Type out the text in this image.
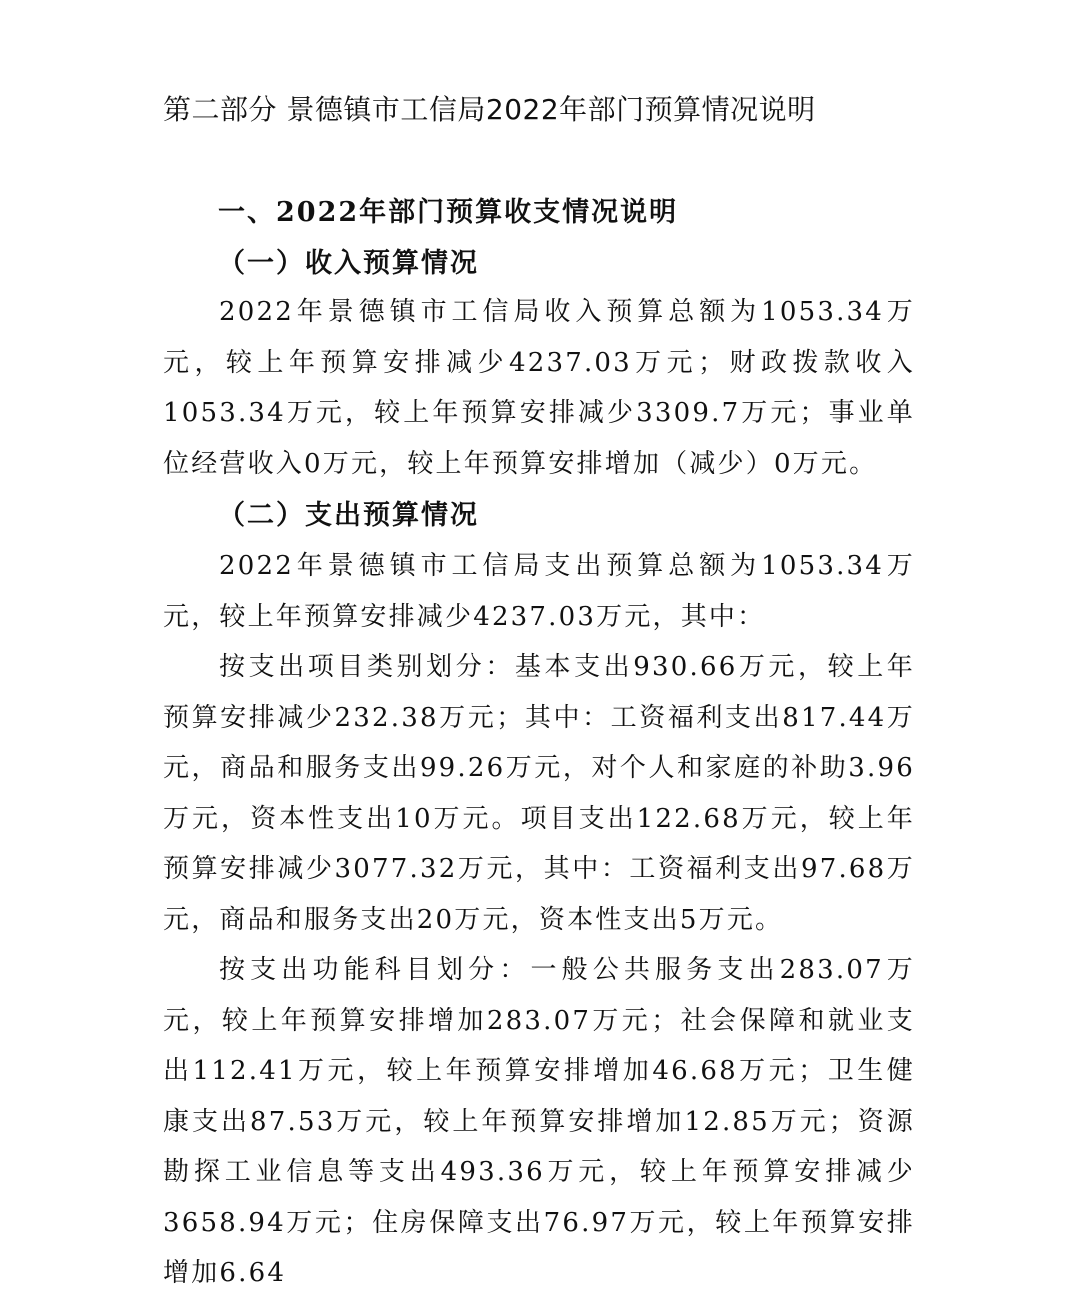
第二部分 景德镇市工信局2022年部门预算情况说明
一、2022年部门预算收支情况说明
（一）收入预算情况

2022年景德镇市工信局收入预算总额为1053.34万元，较上年预算安排减少4237.03万元；财政拨款收入1053.34万元，较上年预算安排减少3309.7万元；事业单位经营收入0万元，较上年预算安排增加（减少）0万元。

（二）支出预算情况

2022年景德镇市工信局支出预算总额为1053.34万元，较上年预算安排减少4237.03万元，其中：

按支出项目类别划分：基本支出930.66万元，较上年预算安排减少232.38万元；其中：工资福利支出817.44万元，商品和服务支出99.26万元，对个人和家庭的补助3.96万元，资本性支出10万元。项目支出122.68万元，较上年预算安排减少3077.32万元，其中：工资福利支出97.68万元，商品和服务支出20万元，资本性支出5万元。

按支出功能科目划分：一般公共服务支出283.07万元，较上年预算安排增加283.07万元；社会保障和就业支出112.41万元，较上年预算安排增加46.68万元；卫生健康支出87.53万元，较上年预算安排增加12.85万元；资源勘探工业信息等支出493.36万元，较上年预算安排减少3658.94万元；住房保障支出76.97万元，较上年预算安排增加6.64
